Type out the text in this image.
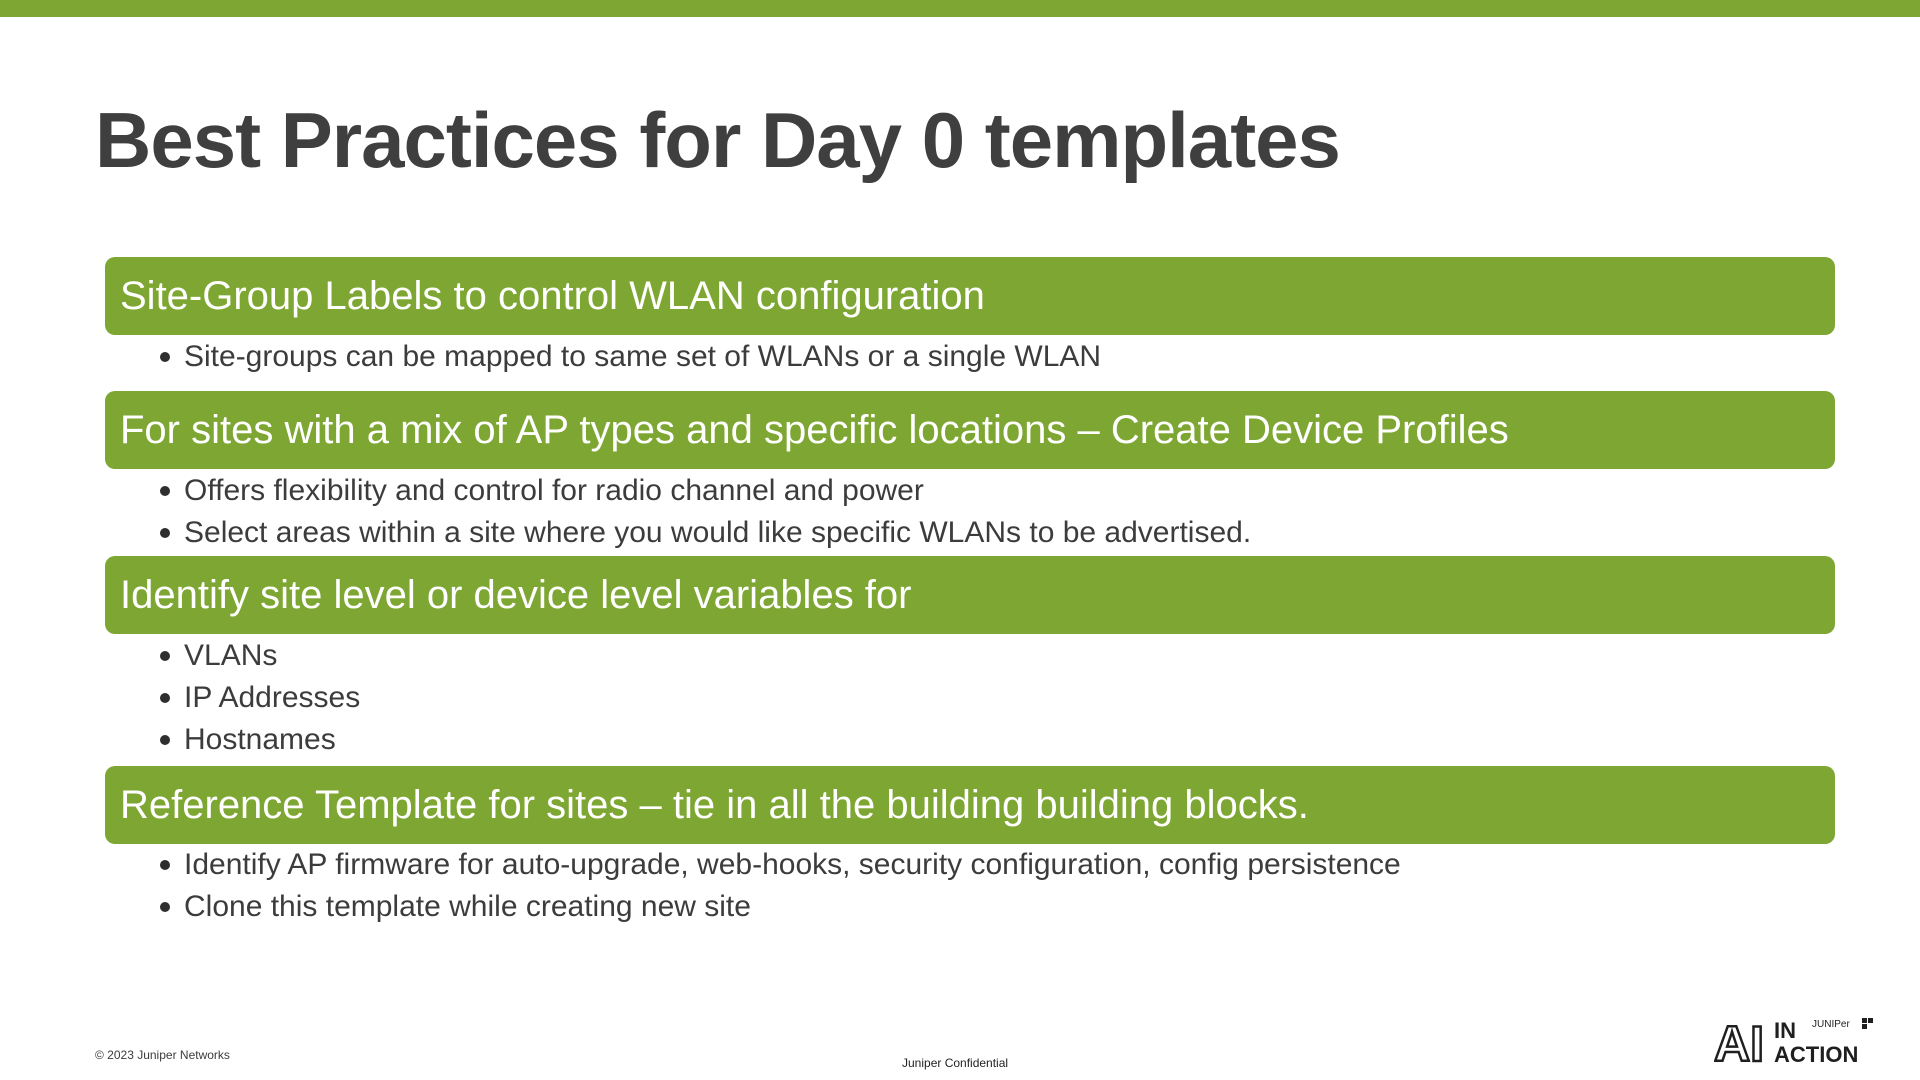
Best Practices for Day 0 templates
Site-Group Labels to control WLAN configuration
Site-groups can be mapped to same set of WLANs or a single WLAN
For sites with a mix of AP types and specific locations – Create Device Profiles
Offers flexibility and control for radio channel and power
Select areas within a site where you would like specific WLANs to be advertised.
Identify site level or device level variables for
VLANs
IP Addresses
Hostnames
Reference Template for sites – tie in all the building building blocks.
Identify AP firmware for auto-upgrade, web-hooks, security configuration, config persistence
Clone this template while creating new site
© 2023 Juniper Networks
Juniper Confidential	AI IN
ACTION
JUNIPer
